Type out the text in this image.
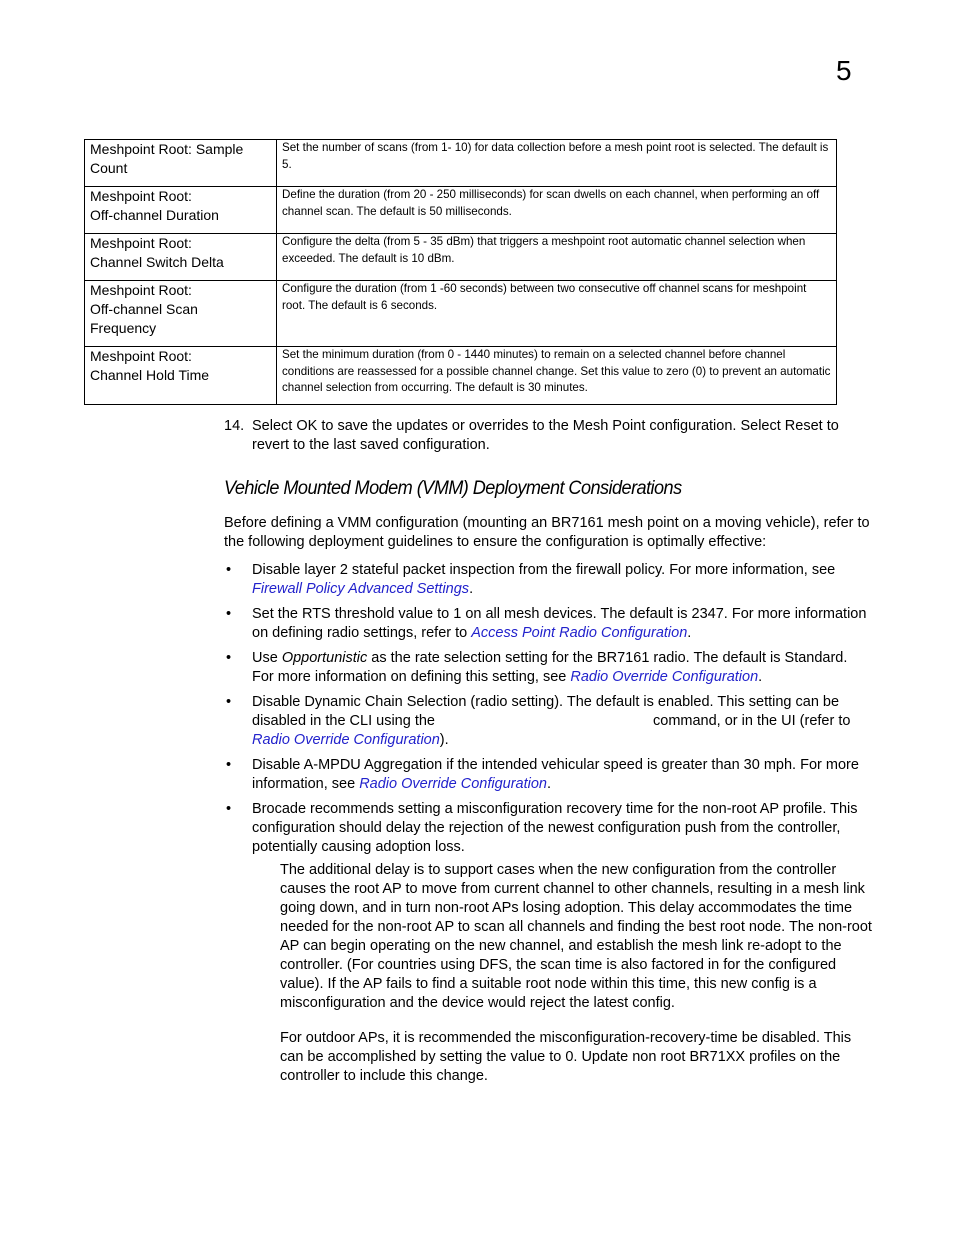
5
Meshpoint Root: Sample
Count	Set the number of scans (from 1- 10) for data collection before a mesh point root is selected. The default is 5.
Meshpoint Root:
Off-channel Duration	Define the duration (from 20 - 250 milliseconds) for scan dwells on each channel, when performing an off channel scan. The default is 50 milliseconds.
Meshpoint Root:
Channel Switch Delta	Configure the delta (from 5 - 35 dBm) that triggers a meshpoint root automatic channel selection when exceeded. The default is 10 dBm.
Meshpoint Root:
Off-channel Scan
Frequency	Configure the duration (from 1 -60 seconds) between two consecutive off channel scans for meshpoint root. The default is 6 seconds.
Meshpoint Root:
Channel Hold Time	Set the minimum duration (from 0 - 1440 minutes) to remain on a selected channel before channel conditions are reassessed for a possible channel change. Set this value to zero (0) to prevent an automatic channel selection from occurring. The default is 30 minutes.
14. Select OK to save the updates or overrides to the Mesh Point configuration. Select Reset to revert to the last saved configuration.
Vehicle Mounted Modem (VMM) Deployment Considerations
Before defining a VMM configuration (mounting an BR7161 mesh point on a moving vehicle), refer to the following deployment guidelines to ensure the configuration is optimally effective:
• Disable layer 2 stateful packet inspection from the firewall policy. For more information, see Firewall Policy Advanced Settings.
• Set the RTS threshold value to 1 on all mesh devices. The default is 2347. For more information on defining radio settings, refer to Access Point Radio Configuration.
• Use Opportunistic as the rate selection setting for the BR7161 radio. The default is Standard. For more information on defining this setting, see Radio Override Configuration.
• Disable Dynamic Chain Selection (radio setting). The default is enabled. This setting can be disabled in the CLI using the	command, or in the UI (refer to Radio Override Configuration).
• Disable A-MPDU Aggregation if the intended vehicular speed is greater than 30 mph. For more information, see Radio Override Configuration.
• Brocade recommends setting a misconfiguration recovery time for the non-root AP profile. This configuration should delay the rejection of the newest configuration push from the controller, potentially causing adoption loss.
The additional delay is to support cases when the new configuration from the controller causes the root AP to move from current channel to other channels, resulting in a mesh link going down, and in turn non-root APs losing adoption. This delay accommodates the time needed for the non-root AP to scan all channels and finding the best root node. The non-root AP can begin operating on the new channel, and establish the mesh link re-adopt to the controller. (For countries using DFS, the scan time is also factored in for the configured value). If the AP fails to find a suitable root node within this time, this new config is a misconfiguration and the device would reject the latest config.
For outdoor APs, it is recommended the misconfiguration-recovery-time be disabled. This can be accomplished by setting the value to 0. Update non root BR71XX profiles on the controller to include this change.
